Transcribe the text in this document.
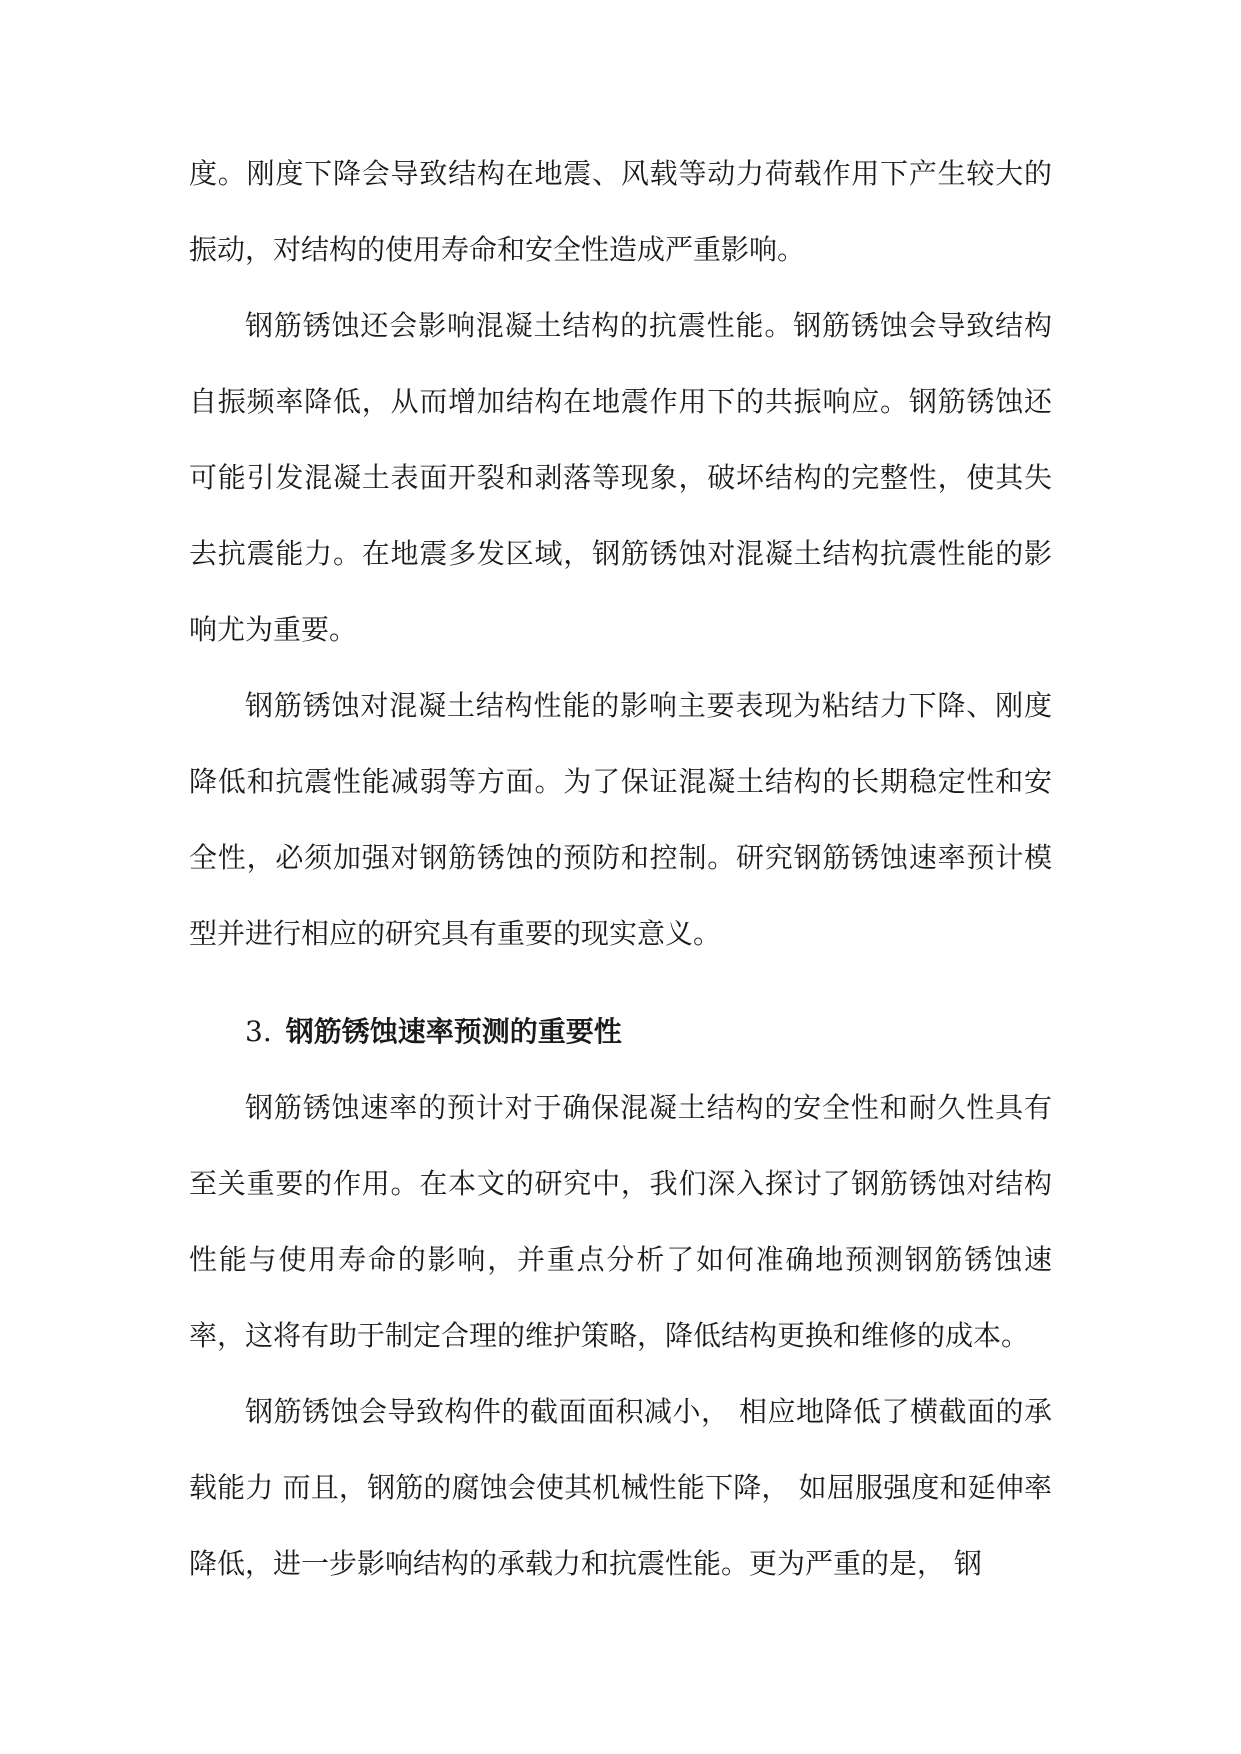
度。刚度下降会导致结构在地震、风载等动力荷载作用下产生较大的振动，对结构的使用寿命和安全性造成严重影响。

钢筋锈蚀还会影响混凝土结构的抗震性能。钢筋锈蚀会导致结构自振频率降低，从而增加结构在地震作用下的共振响应。钢筋锈蚀还可能引发混凝土表面开裂和剥落等现象，破坏结构的完整性，使其失去抗震能力。在地震多发区域，钢筋锈蚀对混凝土结构抗震性能的影响尤为重要。

钢筋锈蚀对混凝土结构性能的影响主要表现为粘结力下降、刚度降低和抗震性能减弱等方面。为了保证混凝土结构的长期稳定性和安全性，必须加强对钢筋锈蚀的预防和控制。研究钢筋锈蚀速率预计模型并进行相应的研究具有重要的现实意义。

3. 钢筋锈蚀速率预测的重要性

钢筋锈蚀速率的预计对于确保混凝土结构的安全性和耐久性具有至关重要的作用。在本文的研究中，我们深入探讨了钢筋锈蚀对结构性能与使用寿命的影响，并重点分析了如何准确地预测钢筋锈蚀速率，这将有助于制定合理的维护策略，降低结构更换和维修的成本。

钢筋锈蚀会导致构件的截面面积减小， 相应地降低了横截面的承载能力 而且，钢筋的腐蚀会使其机械性能下降， 如屈服强度和延伸率降低，进一步影响结构的承载力和抗震性能。更为严重的是， 钢
